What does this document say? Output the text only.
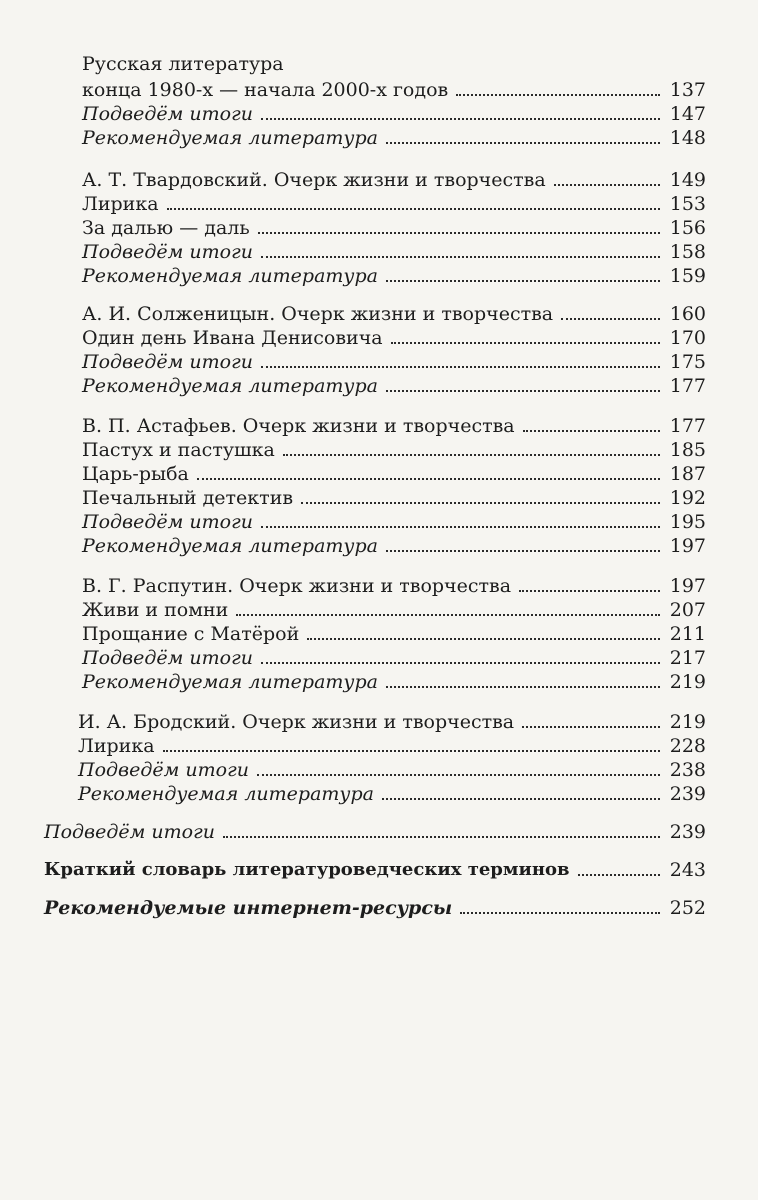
Русская литература
конца 1980-х — начала 2000-х годов	137
Подведём итоги	147
Рекомендуемая литература	148
А. Т. Твардовский. Очерк жизни и творчества	149
Лирика	153
За далью — даль	156
Подведём итоги	158
Рекомендуемая литература	159
А. И. Солженицын. Очерк жизни и творчества	160
Один день Ивана Денисовича	170
Подведём итоги	175
Рекомендуемая литература	177
В. П. Астафьев. Очерк жизни и творчества	177
Пастух и пастушка	185
Царь-рыба	187
Печальный детектив	192
Подведём итоги	195
Рекомендуемая литература	197
В. Г. Распутин. Очерк жизни и творчества	197
Живи и помни	207
Прощание с Матёрой	211
Подведём итоги	217
Рекомендуемая литература	219
И. А. Бродский. Очерк жизни и творчества	219
Лирика	228
Подведём итоги	238
Рекомендуемая литература	239
Подведём итоги	239
Краткий словарь литературоведческих терминов	243
Рекомендуемые интернет-ресурсы	252
